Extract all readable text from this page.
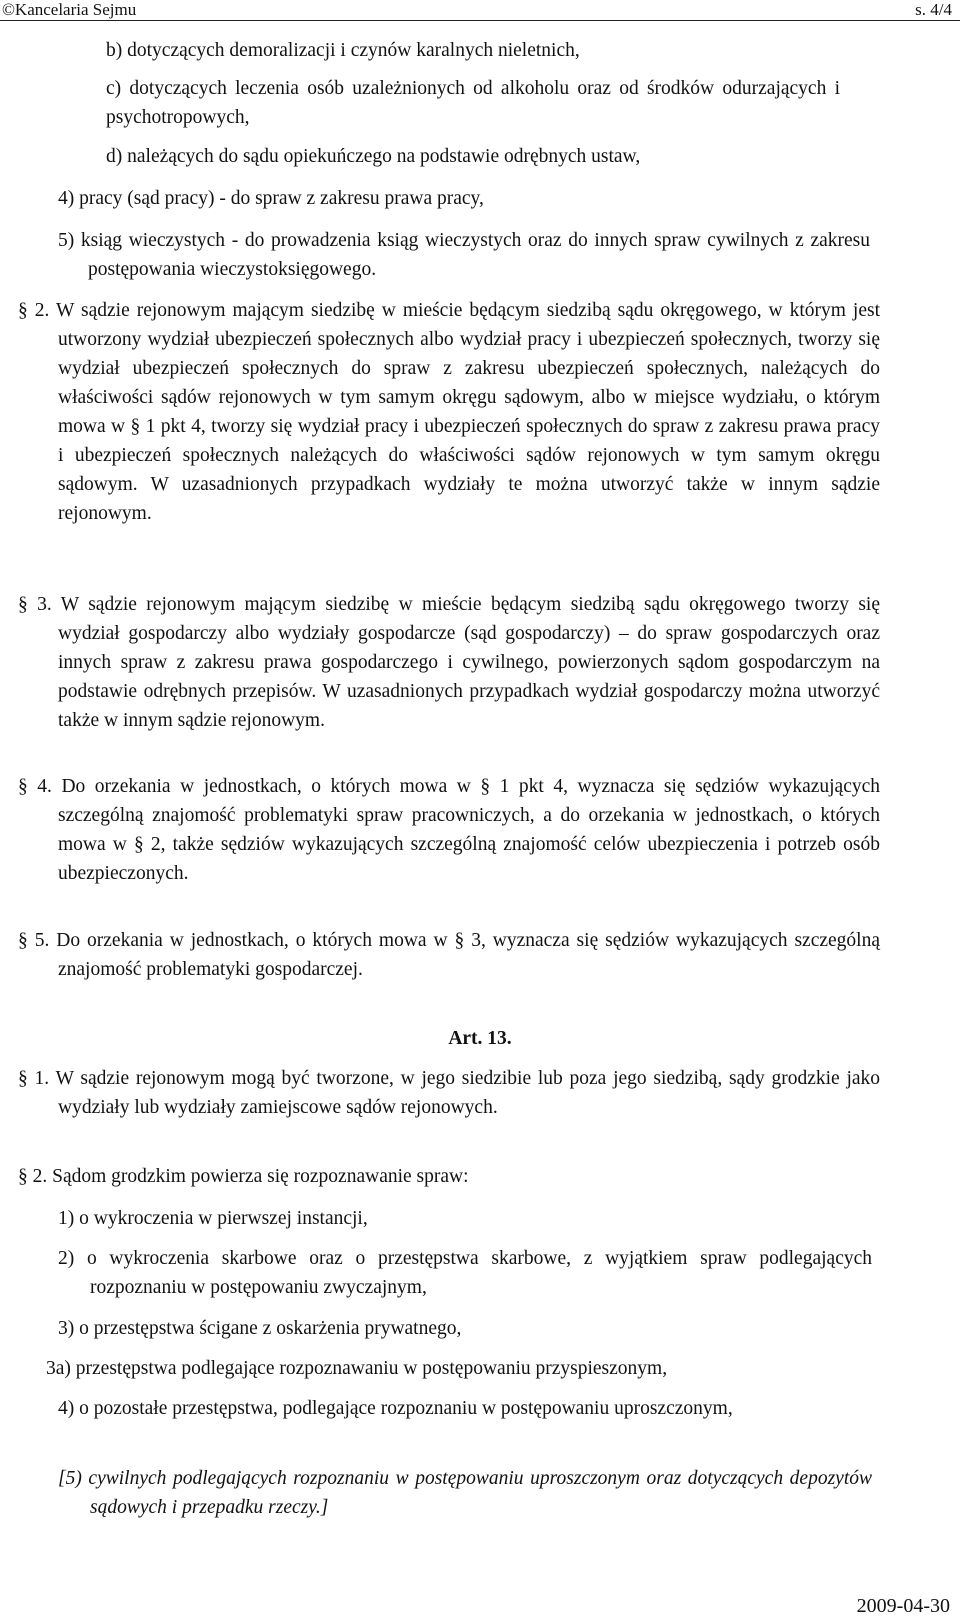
©Kancelaria Sejmu	s. 4/4
b) dotyczących demoralizacji i czynów karalnych nieletnich,
c) dotyczących leczenia osób uzależnionych od alkoholu oraz od środków odurzających i psychotropowych,
d) należących do sądu opiekuńczego na podstawie odrębnych ustaw,
4) pracy (sąd pracy) - do spraw z zakresu prawa pracy,
5) ksiąg wieczystych - do prowadzenia ksiąg wieczystych oraz do innych spraw cywilnych z zakresu postępowania wieczystoksięgowego.
§ 2. W sądzie rejonowym mającym siedzibę w mieście będącym siedzibą sądu okręgowego, w którym jest utworzony wydział ubezpieczeń społecznych albo wydział pracy i ubezpieczeń społecznych, tworzy się wydział ubezpieczeń społecznych do spraw z zakresu ubezpieczeń społecznych, należących do właściwości sądów rejonowych w tym samym okręgu sądowym, albo w miejsce wydziału, o którym mowa w § 1 pkt 4, tworzy się wydział pracy i ubezpieczeń społecznych do spraw z zakresu prawa pracy i ubezpieczeń społecznych należących do właściwości sądów rejonowych w tym samym okręgu sądowym. W uzasadnionych przypadkach wydziały te można utworzyć także w innym sądzie rejonowym.
§ 3. W sądzie rejonowym mającym siedzibę w mieście będącym siedzibą sądu okręgowego tworzy się wydział gospodarczy albo wydziały gospodarcze (sąd gospodarczy) – do spraw gospodarczych oraz innych spraw z zakresu prawa gospodarczego i cywilnego, powierzonych sądom gospodarczym na podstawie odrębnych przepisów. W uzasadnionych przypadkach wydział gospodarczy można utworzyć także w innym sądzie rejonowym.
§ 4. Do orzekania w jednostkach, o których mowa w § 1 pkt 4, wyznacza się sędziów wykazujących szczególną znajomość problematyki spraw pracowniczych, a do orzekania w jednostkach, o których mowa w § 2, także sędziów wykazujących szczególną znajomość celów ubezpieczenia i potrzeb osób ubezpieczonych.
§ 5. Do orzekania w jednostkach, o których mowa w § 3, wyznacza się sędziów wykazujących szczególną znajomość problematyki gospodarczej.
Art. 13.
§ 1. W sądzie rejonowym mogą być tworzone, w jego siedzibie lub poza jego siedzibą, sądy grodzkie jako wydziały lub wydziały zamiejscowe sądów rejonowych.
§ 2. Sądom grodzkim powierza się rozpoznawanie spraw:
1) o wykroczenia w pierwszej instancji,
2) o wykroczenia skarbowe oraz o przestępstwa skarbowe, z wyjątkiem spraw podlegających rozpoznaniu w postępowaniu zwyczajnym,
3) o przestępstwa ścigane z oskarżenia prywatnego,
3a) przestępstwa podlegające rozpoznawaniu w postępowaniu przyspieszonym,
4) o pozostałe przestępstwa, podlegające rozpoznaniu w postępowaniu uproszczonym,
[5) cywilnych podlegających rozpoznaniu w postępowaniu uproszczonym oraz dotyczących depozytów sądowych i przepadku rzeczy.]
2009-04-30
